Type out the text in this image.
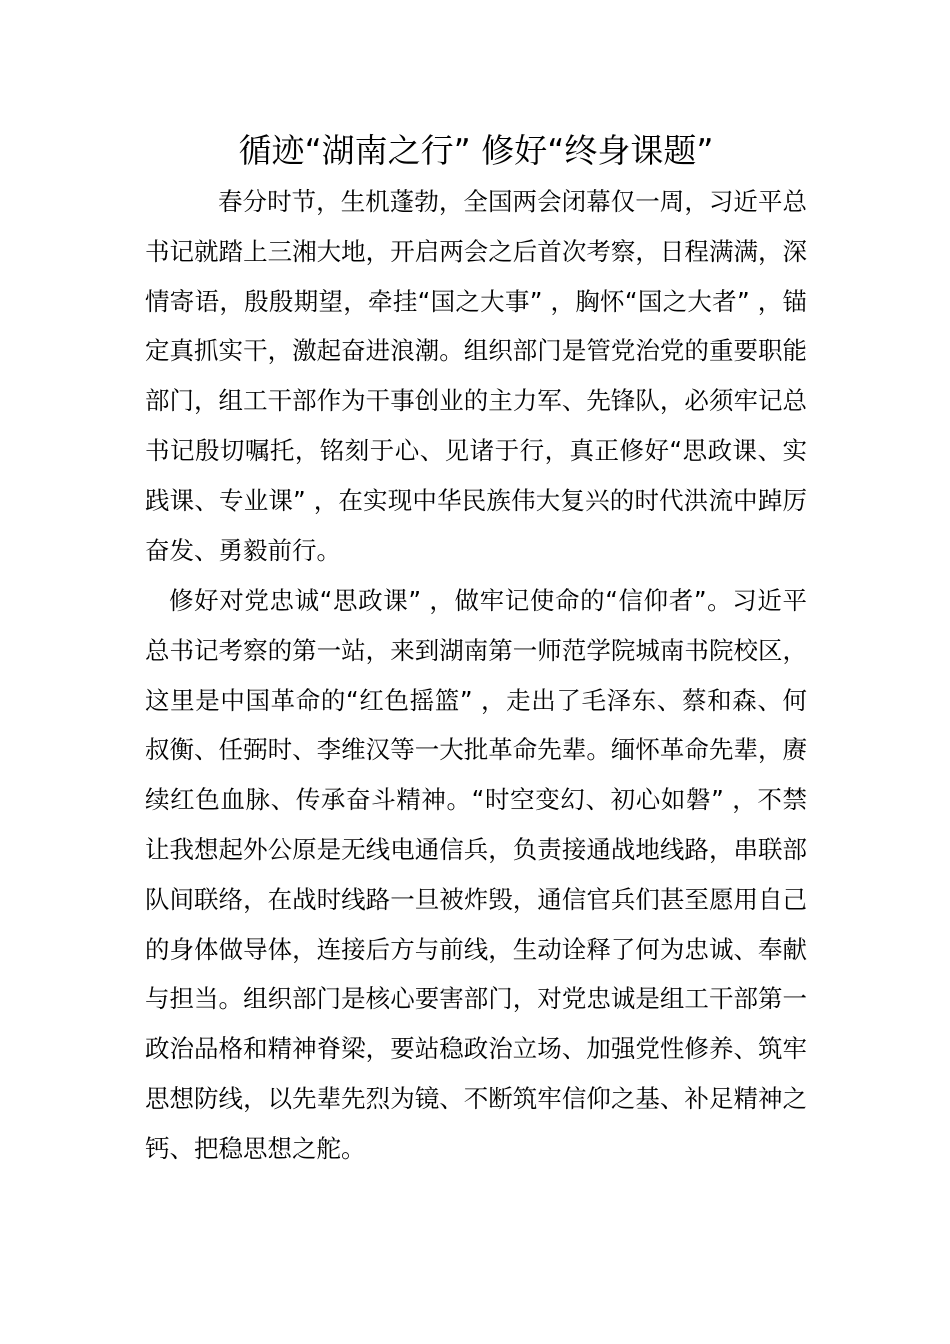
循迹“湖南之行” 修好“终身课题”

春分时节，生机蓬勃，全国两会闭幕仅一周，习近平总书记就踏上三湘大地，开启两会之后首次考察，日程满满，深情寄语，殷殷期望，牵挂“国之大事” ，胸怀“国之大者” ，锚定真抓实干，激起奋进浪潮。组织部门是管党治党的重要职能部门，组工干部作为干事创业的主力军、先锋队，必须牢记总书记殷切嘱托，铭刻于心、见诸于行，真正修好“思政课、实践课、专业课” ，在实现中华民族伟大复兴的时代洪流中踔厉奋发、勇毅前行。

修好对党忠诚“思政课” ，做牢记使命的“信仰者”。习近平总书记考察的第一站，来到湖南第一师范学院城南书院校区，这里是中国革命的“红色摇篮” ，走出了毛泽东、蔡和森、何叔衡、任弼时、李维汉等一大批革命先辈。缅怀革命先辈，赓续红色血脉、传承奋斗精神。“时空变幻、初心如磐” ，不禁让我想起外公原是无线电通信兵，负责接通战地线路，串联部队间联络，在战时线路一旦被炸毁，通信官兵们甚至愿用自己的身体做导体，连接后方与前线，生动诠释了何为忠诚、奉献与担当。组织部门是核心要害部门，对党忠诚是组工干部第一政治品格和精神脊梁，要站稳政治立场、加强党性修养、筑牢思想防线，以先辈先烈为镜、不断筑牢信仰之基、补足精神之钙、把稳思想之舵。
